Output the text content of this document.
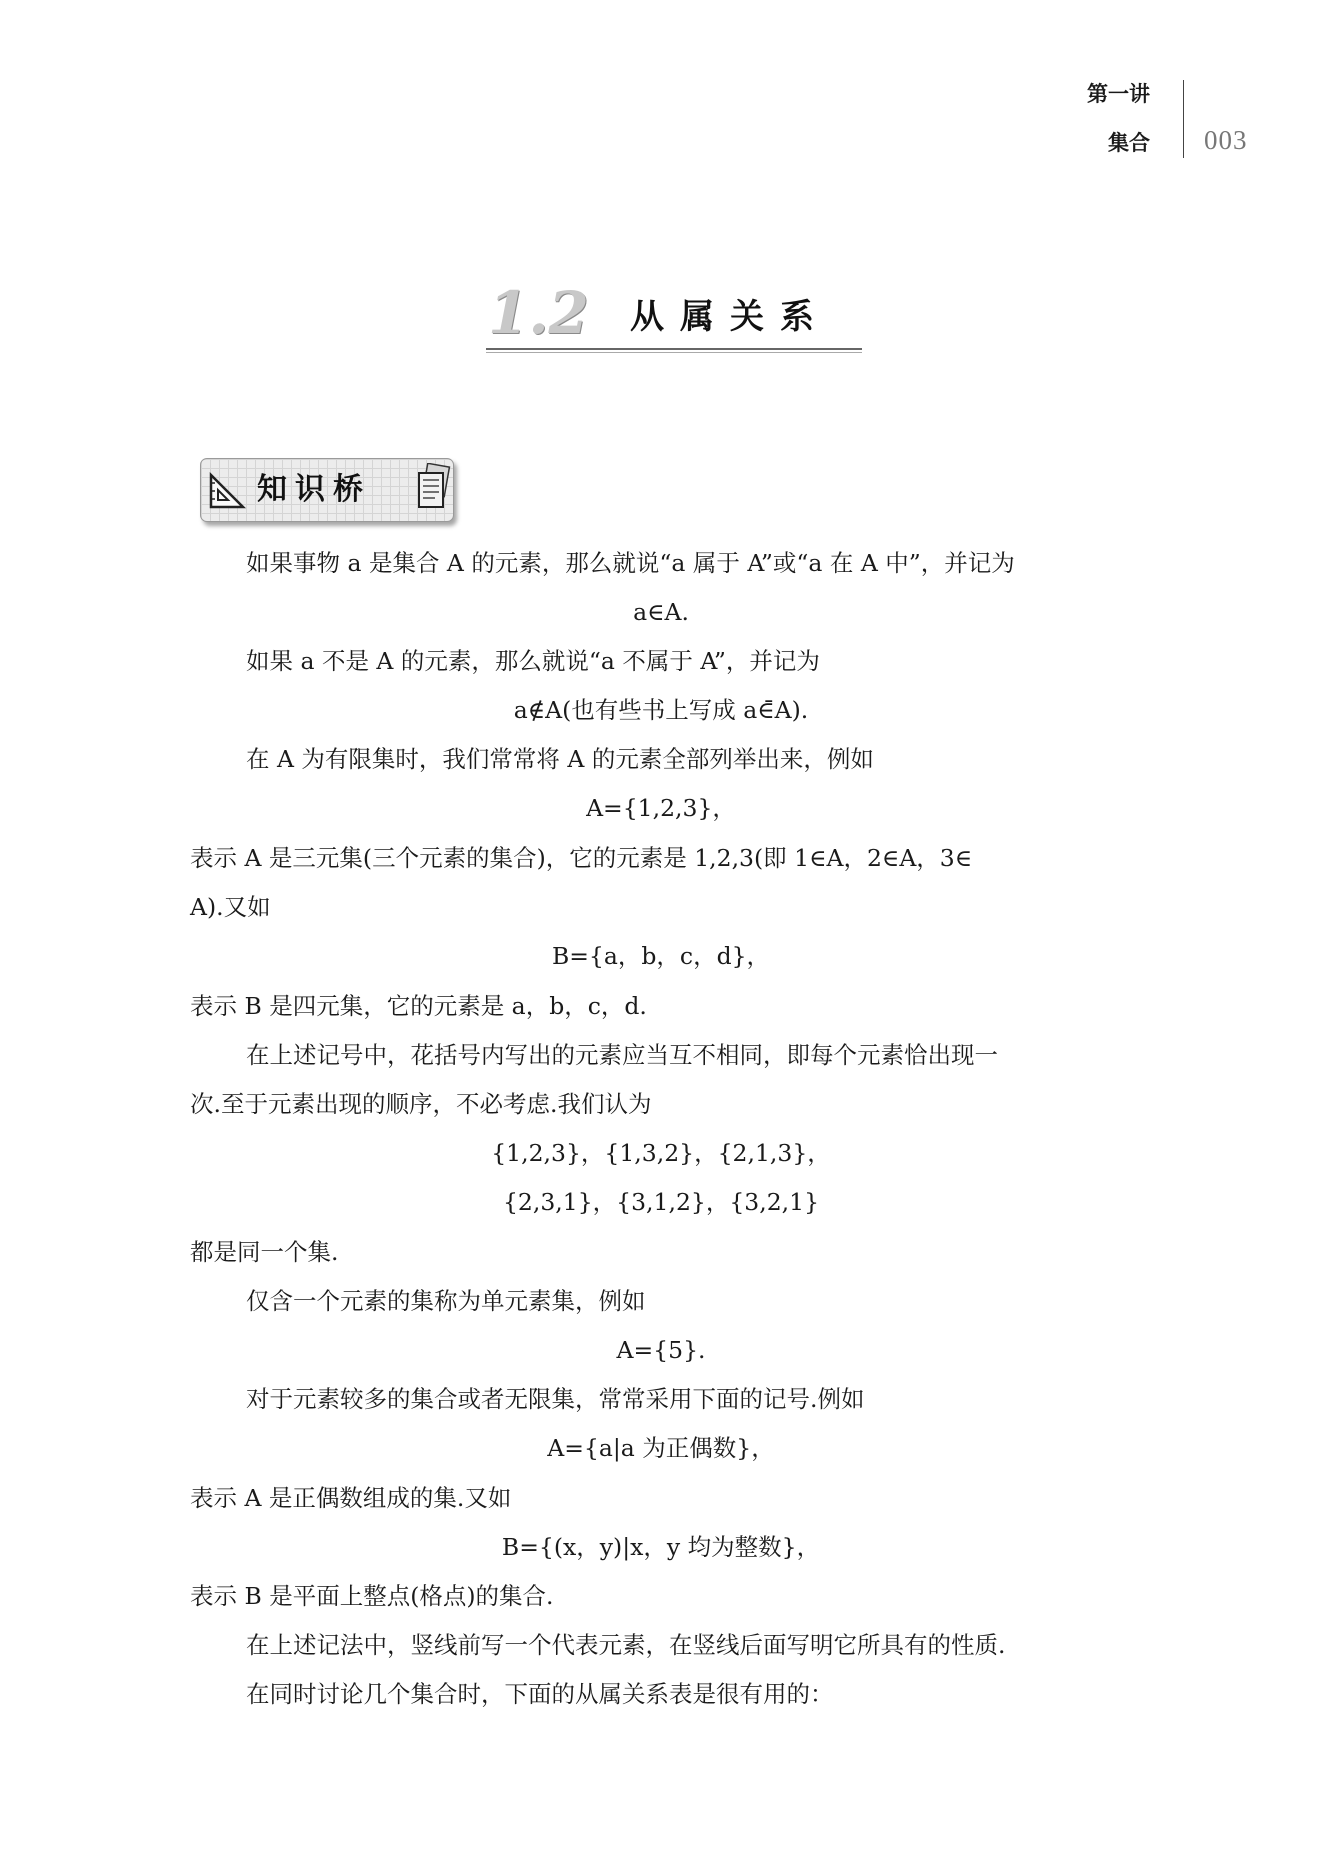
第一讲
集合 003
1.2 从属关系
知识桥
如果事物 a 是集合 A 的元素，那么就说“a 属于 A”或“a 在 A 中”，并记为
a∈A.
如果 a 不是 A 的元素，那么就说“a 不属于 A”，并记为
a∉A(也有些书上写成 a∈̄A).
在 A 为有限集时，我们常常将 A 的元素全部列举出来，例如
A={1,2,3}，
表示 A 是三元集(三个元素的集合)，它的元素是 1,2,3(即 1∈A，2∈A，3∈
A).又如
B={a，b，c，d}，
表示 B 是四元集，它的元素是 a，b，c，d.
在上述记号中，花括号内写出的元素应当互不相同，即每个元素恰出现一
次.至于元素出现的顺序，不必考虑.我们认为
{1,2,3}，{1,3,2}，{2,1,3}，
{2,3,1}，{3,1,2}，{3,2,1}
都是同一个集.
仅含一个元素的集称为单元素集，例如
A={5}.
对于元素较多的集合或者无限集，常常采用下面的记号.例如
A={a|a 为正偶数}，
表示 A 是正偶数组成的集.又如
B={(x，y)|x，y 均为整数}，
表示 B 是平面上整点(格点)的集合.
在上述记法中，竖线前写一个代表元素，在竖线后面写明它所具有的性质.
在同时讨论几个集合时，下面的从属关系表是很有用的：
